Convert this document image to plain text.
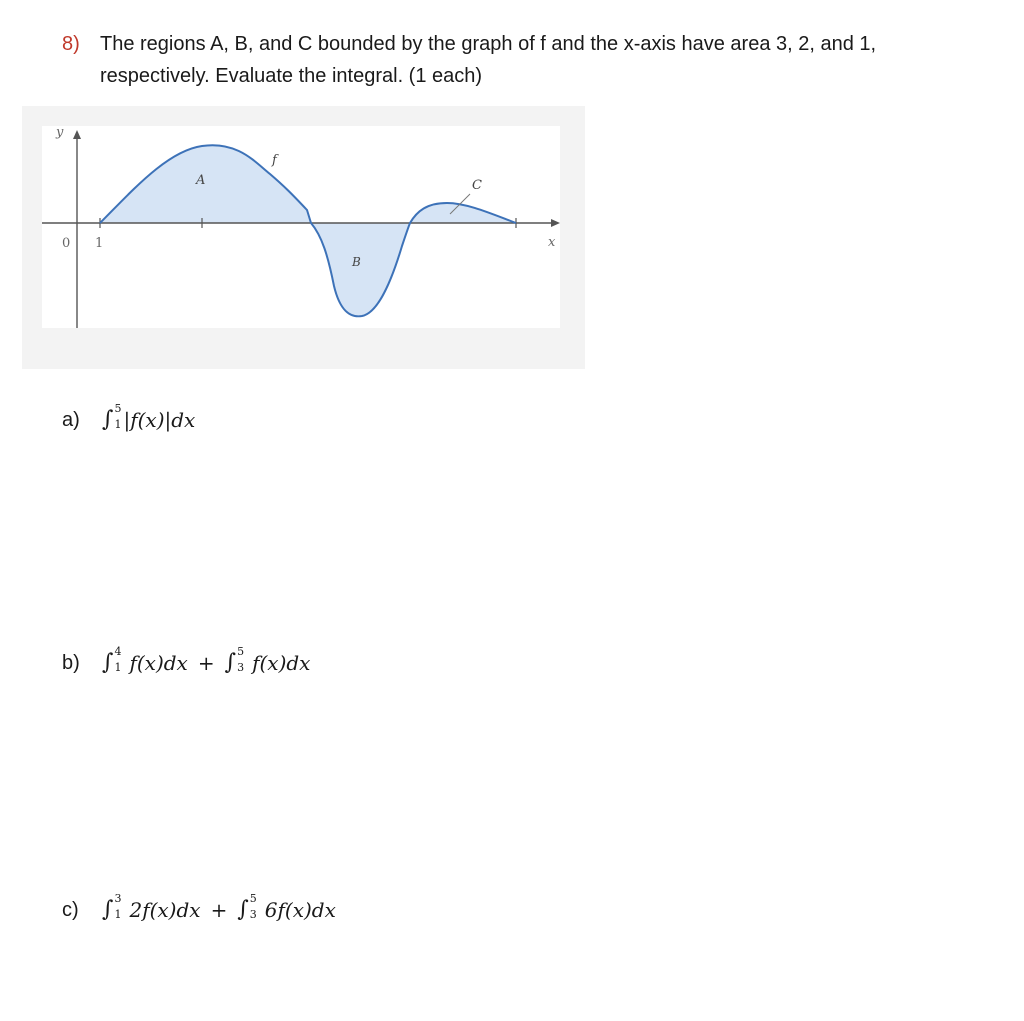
8) The regions A, B, and C bounded by the graph of f and the x-axis have area 3, 2, and 1, respectively. Evaluate the integral. (1 each)
y
0 1	x
A
B
C
f
a)	∫ 5
1 |f(x)|dx
b)	∫ 4
1 f(x)dx + ∫ 5
3 f(x)dx
c)	∫ 3
1 2f(x)dx + ∫ 5
3 6f(x)dx
